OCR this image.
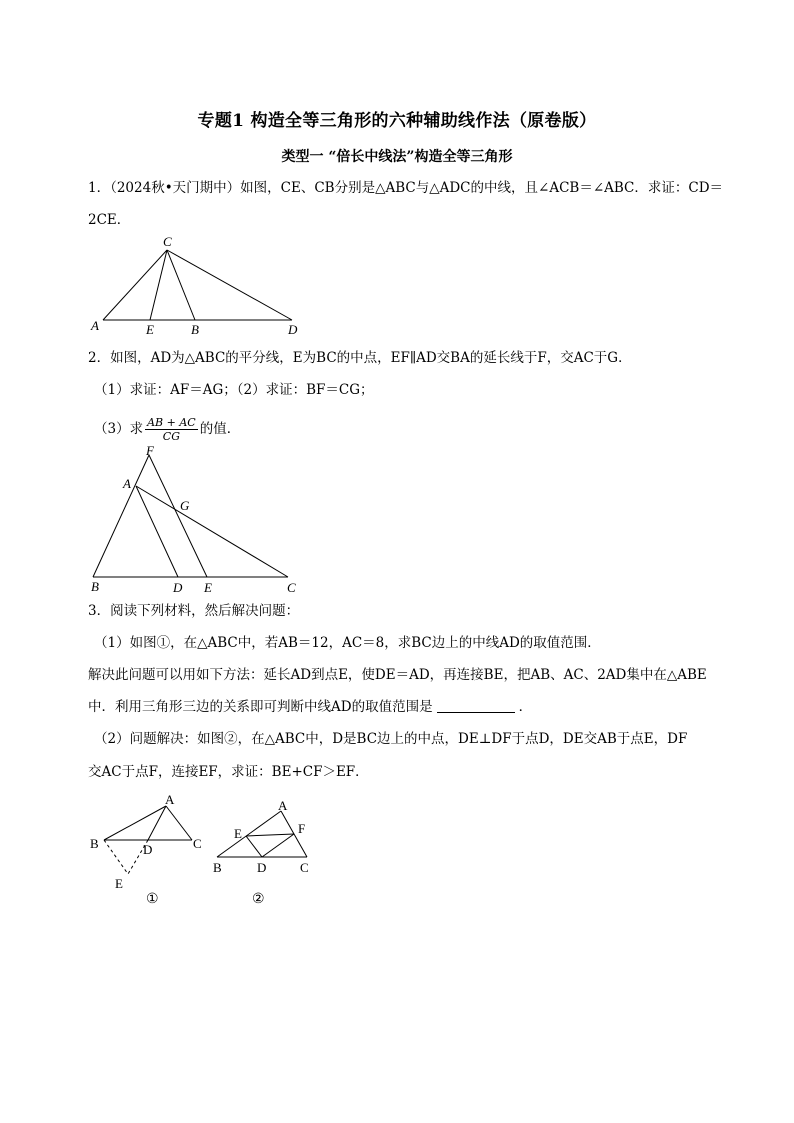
专题1 构造全等三角形的六种辅助线作法（原卷版）
类型一 “倍长中线法”构造全等三角形
1．（2024秋•天门期中）如图，CE、CB分别是△ABC与△ADC的中线，且∠ACB＝∠ABC．求证：CD＝
2CE．
C
A	E	B	D
2．如图，AD为△ABC的平分线，E为BC的中点，EF∥AD交BA的延长线于F，交AC于G．
（1）求证：AF＝AG；（2）求证：BF＝CG；
（3）求 $\frac{AB + AC}{CG}$ 的值．
F
A
G
B	D E	C
3．阅读下列材料，然后解决问题：
（1）如图①，在△ABC中，若AB＝12，AC＝8，求BC边上的中线AD的取值范围．
解决此问题可以用如下方法：延长AD到点E，使DE＝AD，再连接BE，把AB、AC、2AD集中在△ABE
中．利用三角形三边的关系即可判断中线AD的取值范围是	．
（2）问题解决：如图②，在△ABC中，D是BC边上的中点，DE⊥DF于点D，DE交AB于点E，DF
交AC于点F，连接EF，求证：BE+CF＞EF．
A
B	C
D
E
①
A
E	F
B	D	C
②
